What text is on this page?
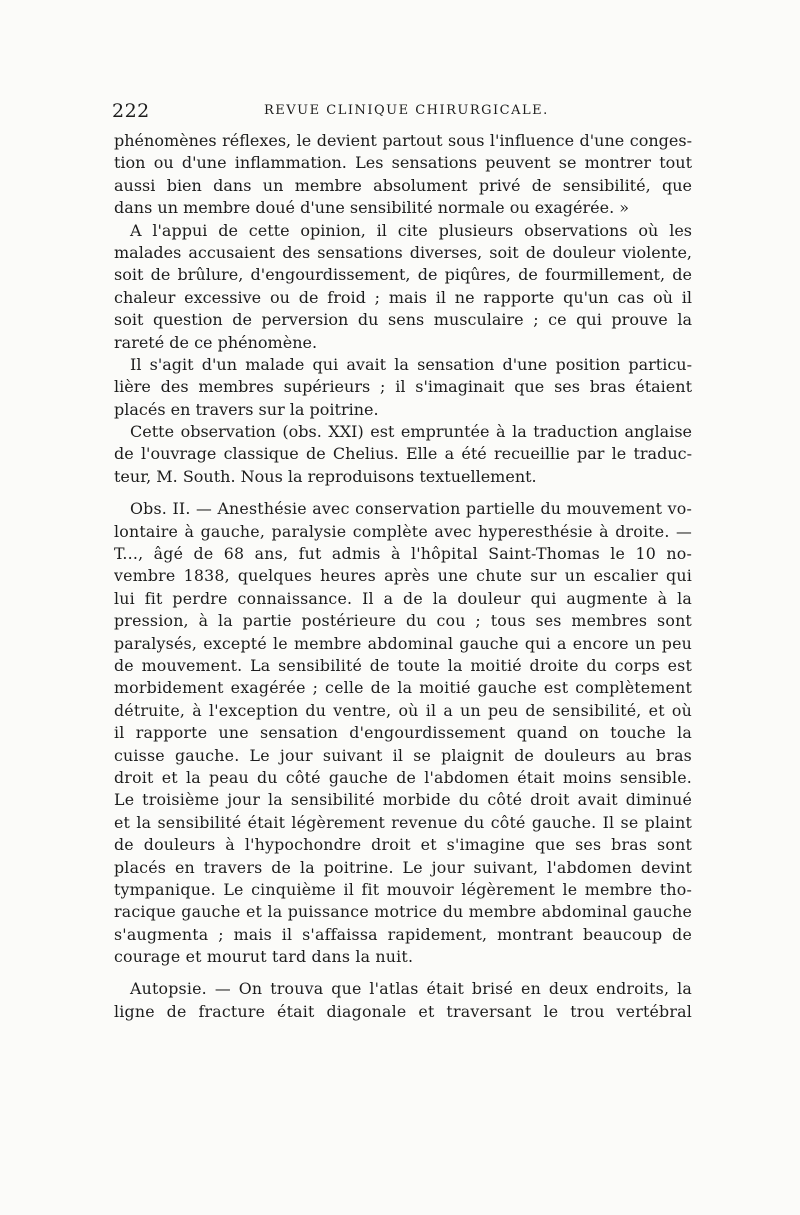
222	REVUE CLINIQUE CHIRURGICALE.
phénomènes réflexes, le devient partout sous l'influence d'une conges-
tion ou d'une inflammation. Les sensations peuvent se montrer tout
aussi bien dans un membre absolument privé de sensibilité, que
dans un membre doué d'une sensibilité normale ou exagérée. »
A l'appui de cette opinion, il cite plusieurs observations où les
malades accusaient des sensations diverses, soit de douleur violente,
soit de brûlure, d'engourdissement, de piqûres, de fourmillement, de
chaleur excessive ou de froid ; mais il ne rapporte qu'un cas où il
soit question de perversion du sens musculaire ; ce qui prouve la
rareté de ce phénomène.
Il s'agit d'un malade qui avait la sensation d'une position particu-
lière des membres supérieurs ; il s'imaginait que ses bras étaient
placés en travers sur la poitrine.
Cette observation (obs. XXI) est empruntée à la traduction anglaise
de l'ouvrage classique de Chelius. Elle a été recueillie par le traduc-
teur, M. South. Nous la reproduisons textuellement.
Obs. II. — Anesthésie avec conservation partielle du mouvement vo-
lontaire à gauche, paralysie complète avec hyperesthésie à droite. —
T..., âgé de 68 ans, fut admis à l'hôpital Saint-Thomas le 10 no-
vembre 1838, quelques heures après une chute sur un escalier qui
lui fit perdre connaissance. Il a de la douleur qui augmente à la
pression, à la partie postérieure du cou ; tous ses membres sont
paralysés, excepté le membre abdominal gauche qui a encore un peu
de mouvement. La sensibilité de toute la moitié droite du corps est
morbidement exagérée ; celle de la moitié gauche est complètement
détruite, à l'exception du ventre, où il a un peu de sensibilité, et où
il rapporte une sensation d'engourdissement quand on touche la
cuisse gauche. Le jour suivant il se plaignit de douleurs au bras
droit et la peau du côté gauche de l'abdomen était moins sensible.
Le troisième jour la sensibilité morbide du côté droit avait diminué
et la sensibilité était légèrement revenue du côté gauche. Il se plaint
de douleurs à l'hypochondre droit et s'imagine que ses bras sont
placés en travers de la poitrine. Le jour suivant, l'abdomen devint
tympanique. Le cinquième il fit mouvoir légèrement le membre tho-
racique gauche et la puissance motrice du membre abdominal gauche
s'augmenta ; mais il s'affaissa rapidement, montrant beaucoup de
courage et mourut tard dans la nuit.
Autopsie. — On trouva que l'atlas était brisé en deux endroits, la
ligne de fracture était diagonale et traversant le trou vertébral
